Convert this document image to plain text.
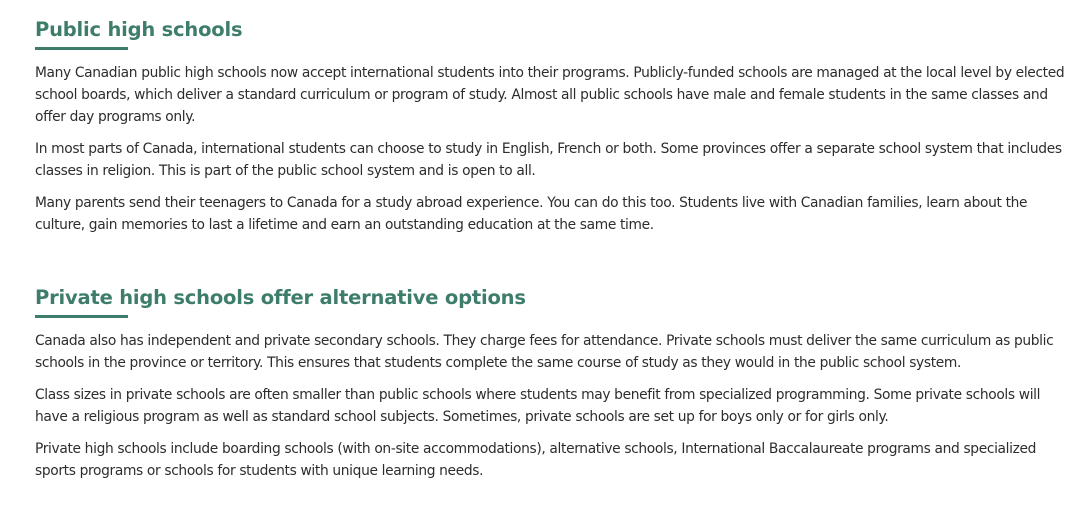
Public high schools

Many Canadian public high schools now accept international students into their programs. Publicly-funded schools are managed at the local level by elected school boards, which deliver a standard curriculum or program of study. Almost all public schools have male and female students in the same classes and offer day programs only.

In most parts of Canada, international students can choose to study in English, French or both. Some provinces offer a separate school system that includes classes in religion. This is part of the public school system and is open to all.

Many parents send their teenagers to Canada for a study abroad experience. You can do this too. Students live with Canadian families, learn about the culture, gain memories to last a lifetime and earn an outstanding education at the same time.

Private high schools offer alternative options

Canada also has independent and private secondary schools. They charge fees for attendance. Private schools must deliver the same curriculum as public schools in the province or territory. This ensures that students complete the same course of study as they would in the public school system.

Class sizes in private schools are often smaller than public schools where students may benefit from specialized programming. Some private schools will have a religious program as well as standard school subjects. Sometimes, private schools are set up for boys only or for girls only.

Private high schools include boarding schools (with on-site accommodations), alternative schools, International Baccalaureate programs and specialized sports programs or schools for students with unique learning needs.
